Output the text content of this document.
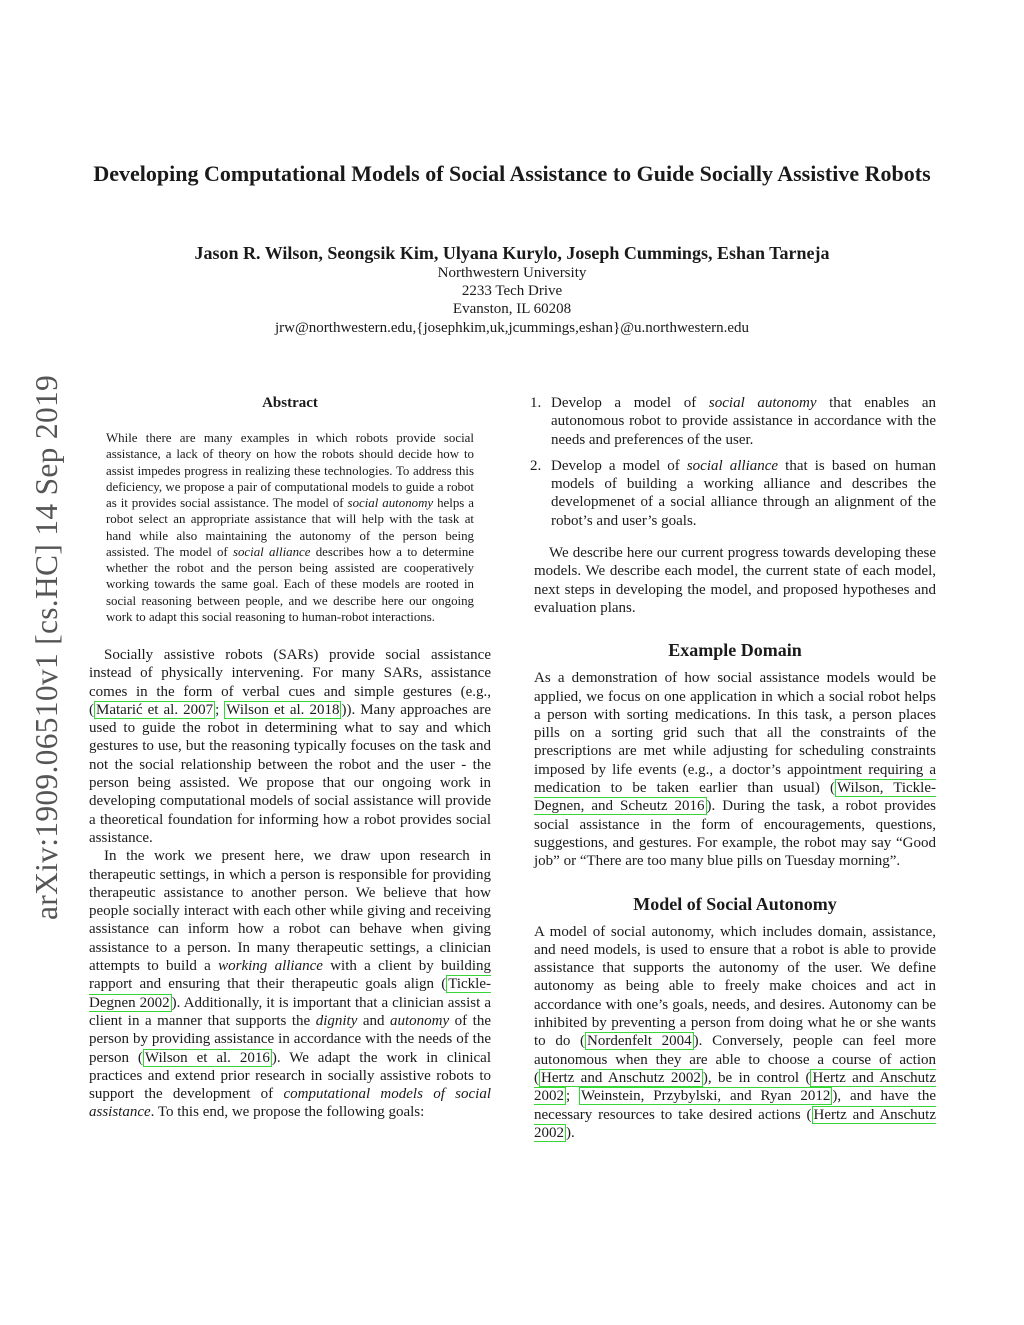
arXiv:1909.06510v1 [cs.HC] 14 Sep 2019
Developing Computational Models of Social Assistance to Guide Socially Assistive Robots
Jason R. Wilson, Seongsik Kim, Ulyana Kurylo, Joseph Cummings, Eshan Tarneja
Northwestern University
2233 Tech Drive
Evanston, IL 60208
jrw@northwestern.edu,{josephkim,uk,jcummings,eshan}@u.northwestern.edu
Abstract

While there are many examples in which robots provide social assistance, a lack of theory on how the robots should decide how to assist impedes progress in realizing these technologies. To address this deficiency, we propose a pair of computational models to guide a robot as it provides social assistance. The model of social autonomy helps a robot select an appropriate assistance that will help with the task at hand while also maintaining the autonomy of the person being assisted. The model of social alliance describes how a to determine whether the robot and the person being assisted are cooperatively working towards the same goal. Each of these models are rooted in social reasoning between people, and we describe here our ongoing work to adapt this social reasoning to human-robot interactions.

Socially assistive robots (SARs) provide social assistance instead of physically intervening. For many SARs, assistance comes in the form of verbal cues and simple gestures (e.g., ( Matarić et al. 2007 ; Wilson et al. 2018 )). Many approaches are used to guide the robot in determining what to say and which gestures to use, but the reasoning typically focuses on the task and not the social relationship between the robot and the user - the person being assisted. We propose that our ongoing work in developing computational models of social assistance will provide a theoretical foundation for informing how a robot provides social assistance.

In the work we present here, we draw upon research in therapeutic settings, in which a person is responsible for providing therapeutic assistance to another person. We believe that how people socially interact with each other while giving and receiving assistance can inform how a robot can behave when giving assistance to a person. In many therapeutic settings, a clinician attempts to build a working alliance with a client by building rapport and ensuring that their therapeutic goals align ( Tickle-Degnen 2002 ). Additionally, it is important that a clinician assist a client in a manner that supports the dignity and autonomy of the person by providing assistance in accordance with the needs of the person ( Wilson et al. 2016 ). We adapt the work in clinical practices and extend prior research in socially assistive robots to support the development of computational models of social assistance. To this end, we propose the following goals:

1. Develop a model of social autonomy that enables an autonomous robot to provide assistance in accordance with the needs and preferences of the user.
2. Develop a model of social alliance that is based on human models of building a working alliance and describes the developmenet of a social alliance through an alignment of the robot’s and user’s goals.

We describe here our current progress towards developing these models. We describe each model, the current state of each model, next steps in developing the model, and proposed hypotheses and evaluation plans.

Example Domain

As a demonstration of how social assistance models would be applied, we focus on one application in which a social robot helps a person with sorting medications. In this task, a person places pills on a sorting grid such that all the constraints of the prescriptions are met while adjusting for scheduling constraints imposed by life events (e.g., a doctor’s appointment requiring a medication to be taken earlier than usual) ( Wilson, Tickle-Degnen, and Scheutz 2016 ). During the task, a robot provides social assistance in the form of encouragements, questions, suggestions, and gestures. For example, the robot may say “Good job” or “There are too many blue pills on Tuesday morning”.

Model of Social Autonomy

A model of social autonomy, which includes domain, assistance, and need models, is used to ensure that a robot is able to provide assistance that supports the autonomy of the user. We define autonomy as being able to freely make choices and act in accordance with one’s goals, needs, and desires. Autonomy can be inhibited by preventing a person from doing what he or she wants to do ( Nordenfelt 2004 ). Conversely, people can feel more autonomous when they are able to choose a course of action ( Hertz and Anschutz 2002 ), be in control ( Hertz and Anschutz 2002 ; Weinstein, Przybylski, and Ryan 2012 ), and have the necessary resources to take desired actions ( Hertz and Anschutz 2002 ).
